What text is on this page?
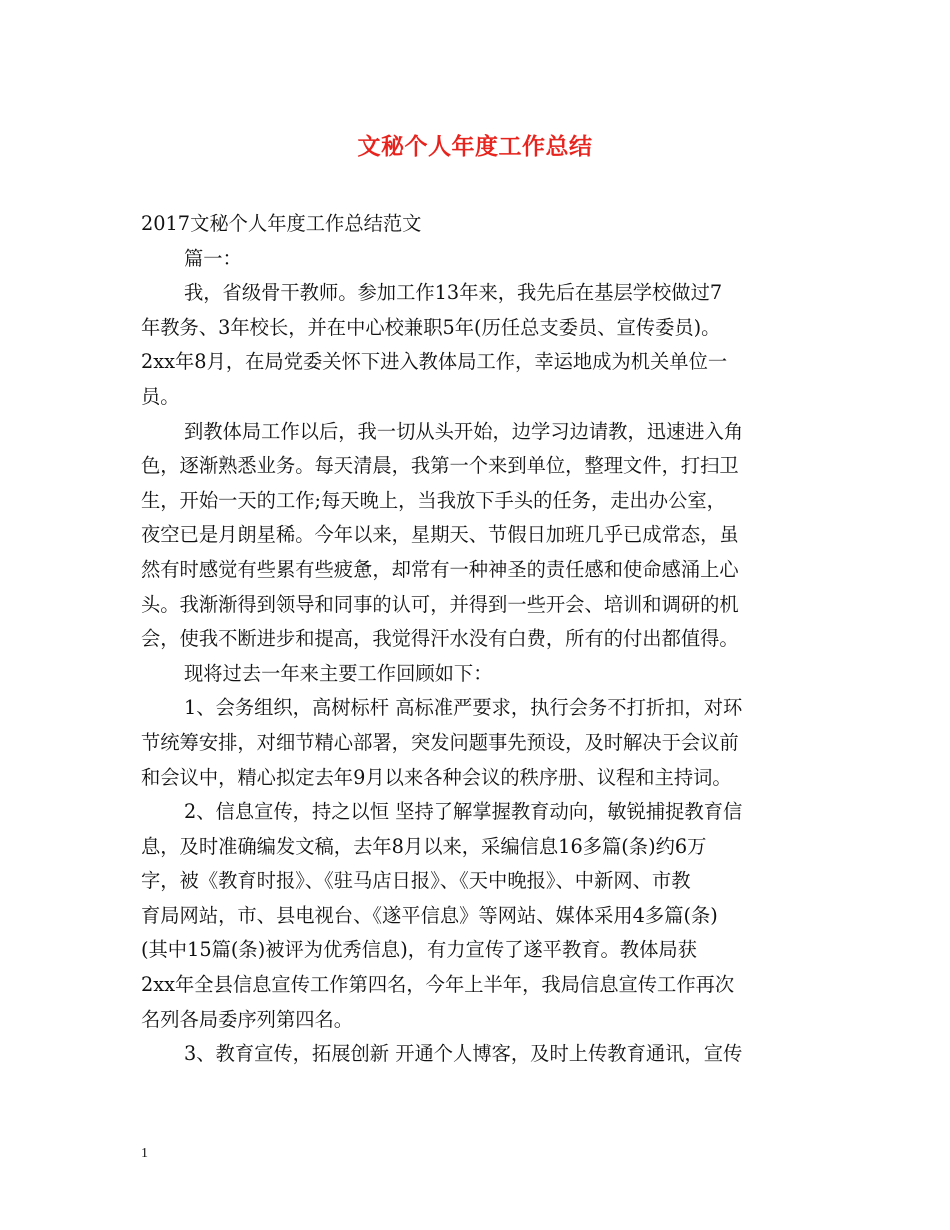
文秘个人年度工作总结

2017文秘个人年度工作总结范文

篇一：

我，省级骨干教师。参加工作13年来，我先后在基层学校做过7

年教务、3年校长，并在中心校兼职5年(历任总支委员、宣传委员)。

2xx年8月，在局党委关怀下进入教体局工作，幸运地成为机关单位一

员。

到教体局工作以后，我一切从头开始，边学习边请教，迅速进入角

色，逐渐熟悉业务。每天清晨，我第一个来到单位，整理文件，打扫卫

生，开始一天的工作;每天晚上，当我放下手头的任务，走出办公室，

夜空已是月朗星稀。今年以来，星期天、节假日加班几乎已成常态，虽

然有时感觉有些累有些疲惫，却常有一种神圣的责任感和使命感涌上心

头。我渐渐得到领导和同事的认可，并得到一些开会、培训和调研的机

会，使我不断进步和提高，我觉得汗水没有白费，所有的付出都值得。

现将过去一年来主要工作回顾如下：

1、会务组织，高树标杆 高标准严要求，执行会务不打折扣，对环

节统筹安排，对细节精心部署，突发问题事先预设，及时解决于会议前

和会议中，精心拟定去年9月以来各种会议的秩序册、议程和主持词。

2、信息宣传，持之以恒 坚持了解掌握教育动向，敏锐捕捉教育信

息，及时准确编发文稿，去年8月以来，采编信息16多篇(条)约6万

字，被《教育时报》、《驻马店日报》、《天中晚报》、中新网、市教

育局网站，市、县电视台、《遂平信息》等网站、媒体采用4多篇(条)

(其中15篇(条)被评为优秀信息)，有力宣传了遂平教育。教体局获

2xx年全县信息宣传工作第四名，今年上半年，我局信息宣传工作再次

名列各局委序列第四名。

3、教育宣传，拓展创新 开通个人博客，及时上传教育通讯，宣传

1
